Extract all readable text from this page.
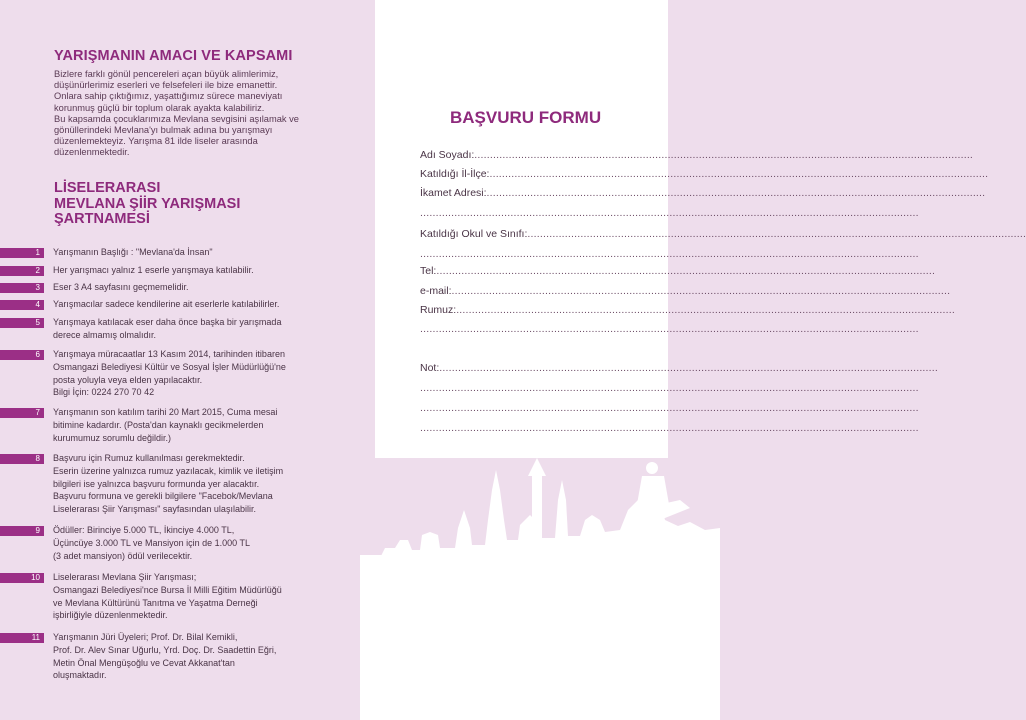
YARIŞMANIN AMACI VE KAPSAMI
Bizlere farklı gönül pencereleri açan büyük alimlerimiz,
düşünürlerimiz eserleri ve felsefeleri ile bize emanettir.
Onlara sahip çıktığımız, yaşattığımız sürece maneviyatı
korunmuş güçlü bir toplum olarak ayakta kalabiliriz.
Bu kapsamda çocuklarımıza Mevlana sevgisini aşılamak ve
gönüllerindeki Mevlana'yı bulmak adına bu yarışmayı
düzenlemekteyiz. Yarışma 81 ilde liseler arasında
düzenlenmektedir.
LİSELERARASI
MEVLANA ŞİİR YARIŞMASI
ŞARTNAMESİ
1	Yarışmanın Başlığı : "Mevlana'da İnsan"
2	Her yarışmacı yalnız 1 eserle yarışmaya katılabilir.
3	Eser 3 A4 sayfasını geçmemelidir.
4	Yarışmacılar sadece kendilerine ait eserlerle katılabilirler.
5	Yarışmaya katılacak eser daha önce başka bir yarışmada
derece almamış olmalıdır.
6	Yarışmaya müracaatlar 13 Kasım 2014, tarihinden itibaren
Osmangazi Belediyesi Kültür ve Sosyal İşler Müdürlüğü'ne
posta yoluyla veya elden yapılacaktır.
Bilgi İçin: 0224 270 70 42
7	Yarışmanın son katılım tarihi 20 Mart 2015, Cuma mesai
bitimine kadardır. (Posta'dan kaynaklı gecikmelerden
kurumumuz sorumlu değildir.)
8	Başvuru için Rumuz kullanılması gerekmektedir.
Eserin üzerine yalnızca rumuz yazılacak, kimlik ve iletişim
bilgileri ise yalnızca başvuru formunda yer alacaktır.
Başvuru formuna ve gerekli bilgilere "Facebok/Mevlana
Liselerarası Şiir Yarışması" sayfasından ulaşılabilir.
9	Ödüller: Birinciye 5.000 TL, İkinciye 4.000 TL,
Üçüncüye 3.000 TL ve Mansiyon için de 1.000 TL
(3 adet mansiyon) ödül verilecektir.
10	Liselerarası Mevlana Şiir Yarışması;
Osmangazi Belediyesi'nce Bursa İl Milli Eğitim Müdürlüğü
ve Mevlana Kültürünü Tanıtma ve Yaşatma Derneği
işbirliğiyle düzenlenmektedir.
11	Yarışmanın Jüri Üyeleri; Prof. Dr. Bilal Kemikli,
Prof. Dr. Alev Sınar Uğurlu, Yrd. Doç. Dr. Saadettin Eğri,
Metin Önal Mengüşoğlu ve Cevat Akkanat'tan
oluşmaktadır.
BAŞVURU FORMU
Adı Soyadı:................................................................................................................................................................
Katıldığı İl-İlçe:................................................................................................................................................................
İkamet Adresi:................................................................................................................................................................
................................................................................................................................................................
Katıldığı Okul ve Sınıfı:................................................................................................................................................................
................................................................................................................................................................
Tel:................................................................................................................................................................
e-mail:................................................................................................................................................................
Rumuz:................................................................................................................................................................
................................................................................................................................................................
Not:................................................................................................................................................................
................................................................................................................................................................
................................................................................................................................................................
................................................................................................................................................................
